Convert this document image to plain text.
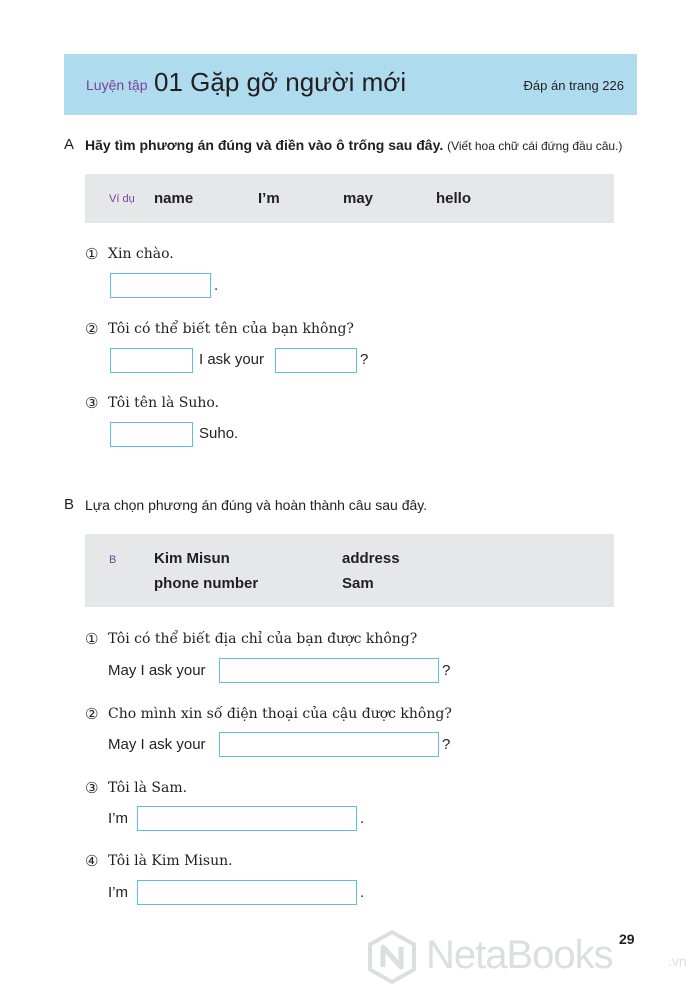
Luyện tập 01 Gặp gỡ người mới	Đáp án trang 226
A Hãy tìm phương án đúng và điền vào ô trống sau đây. (Viết hoa chữ cái đứng đầu câu.)
Ví dụ name	I’m	may	hello
① Xin chào.
.
② Tôi có thể biết tên của bạn không?
I ask your	?
③ Tôi tên là Suho.
Suho.
B Lựa chọn phương án đúng và hoàn thành câu sau đây.
B	Kim Misun	address
phone number	Sam
① Tôi có thể biết địa chỉ của bạn được không?
May I ask your	?
② Cho mình xin số điện thoại của cậu được không?
May I ask your	?
③ Tôi là Sam.
I’m	.
④ Tôi là Kim Misun.
I’m	.
29
NetaBooks	.vn
